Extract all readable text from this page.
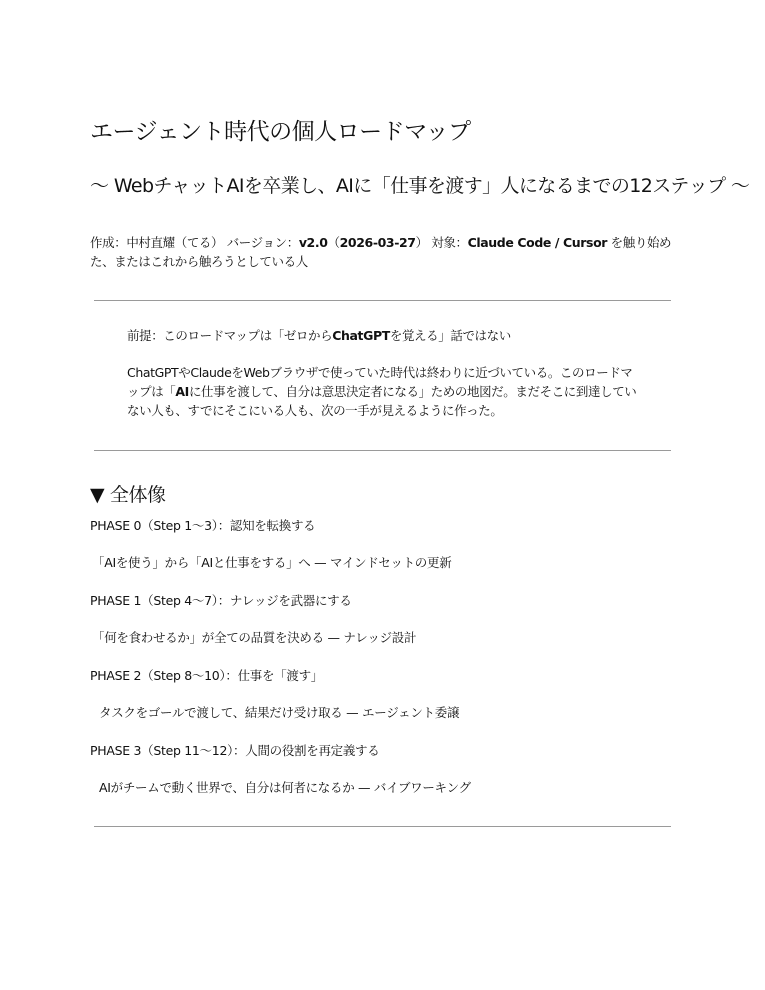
エージェント時代の個人ロードマップ
〜 WebチャットAIを卒業し、AIに「仕事を渡す」人になるまでの12ステップ 〜
作成：中村直耀（てる） バージョン：v2.0（2026-03-27） 対象：Claude Code / Cursor を触り始めた、またはこれから触ろうとしている人
前提：このロードマップは「ゼロからChatGPTを覚える」話ではない
ChatGPTやClaudeをWebブラウザで使っていた時代は終わりに近づいている。このロードマップは「AIに仕事を渡して、自分は意思決定者になる」ための地図だ。まだそこに到達していない人も、すでにそこにいる人も、次の一手が見えるように作った。
▼ 全体像
PHASE 0（Step 1〜3）：認知を転換する
「AIを使う」から「AIと仕事をする」へ — マインドセットの更新
PHASE 1（Step 4〜7）：ナレッジを武器にする
「何を食わせるか」が全ての品質を決める — ナレッジ設計
PHASE 2（Step 8〜10）：仕事を「渡す」
タスクをゴールで渡して、結果だけ受け取る — エージェント委譲
PHASE 3（Step 11〜12）：人間の役割を再定義する
AIがチームで動く世界で、自分は何者になるか — バイブワーキング
